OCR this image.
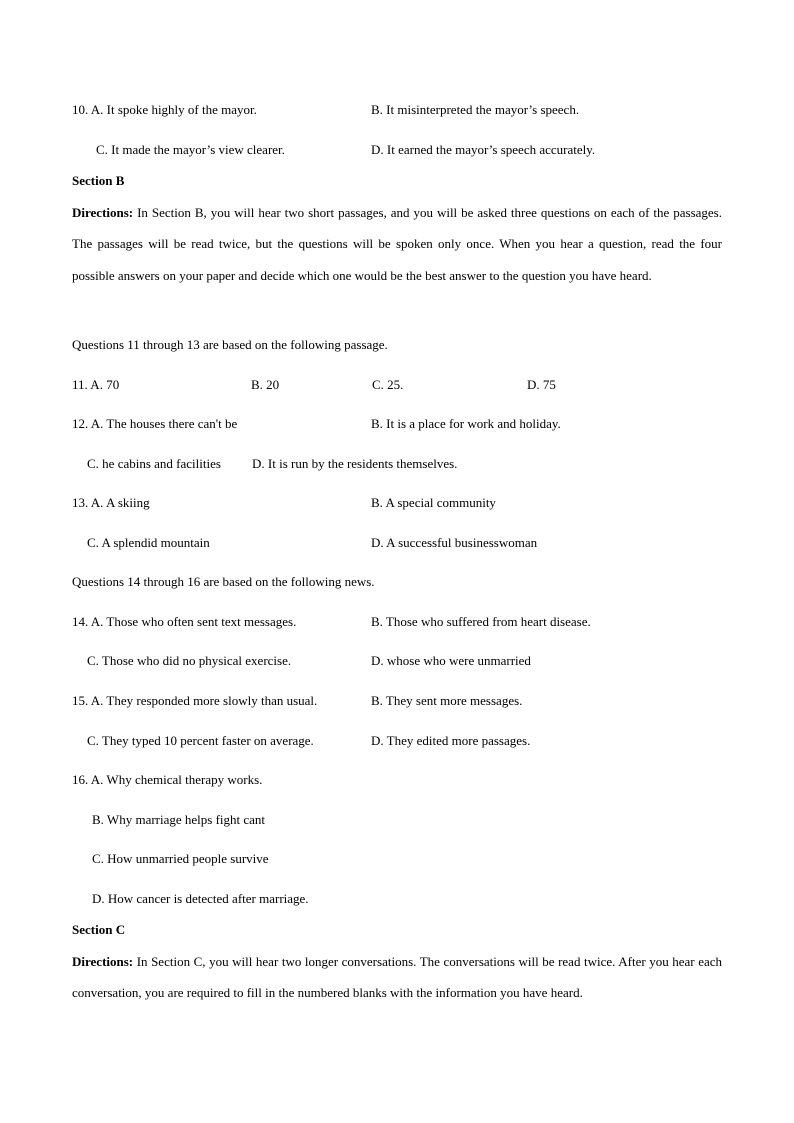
10. A. It spoke highly of the mayor.	B. It misinterpreted the mayor’s speech.
C. It made the mayor’s view clearer.	D. It earned the mayor’s speech accurately.
Section B
Directions: In Section B, you will hear two short passages, and you will be asked three questions on each of the passages. The passages will be read twice, but the questions will be spoken only once. When you hear a question, read the four possible answers on your paper and decide which one would be the best answer to the question you have heard.
Questions 11 through 13 are based on the following passage.
11. A. 70	B. 20	C. 25.	D. 75
12. A. The houses there can't be	B. It is a place for work and holiday.
C. he cabins and facilities D. It is run by the residents themselves.
13. A. A skiing	B. A special community
C. A splendid mountain	D. A successful businesswoman
Questions 14 through 16 are based on the following news.
14. A. Those who often sent text messages.	B. Those who suffered from heart disease.
C. Those who did no physical exercise.	D. whose who were unmarried
15. A. They responded more slowly than usual.	B. They sent more messages.
C. They typed 10 percent faster on average.	D. They edited more passages.
16. A. Why chemical therapy works.
B. Why marriage helps fight cant
C. How unmarried people survive
D. How cancer is detected after marriage.
Section C
Directions: In Section C, you will hear two longer conversations. The conversations will be read twice. After you hear each conversation, you are required to fill in the numbered blanks with the information you have heard.
